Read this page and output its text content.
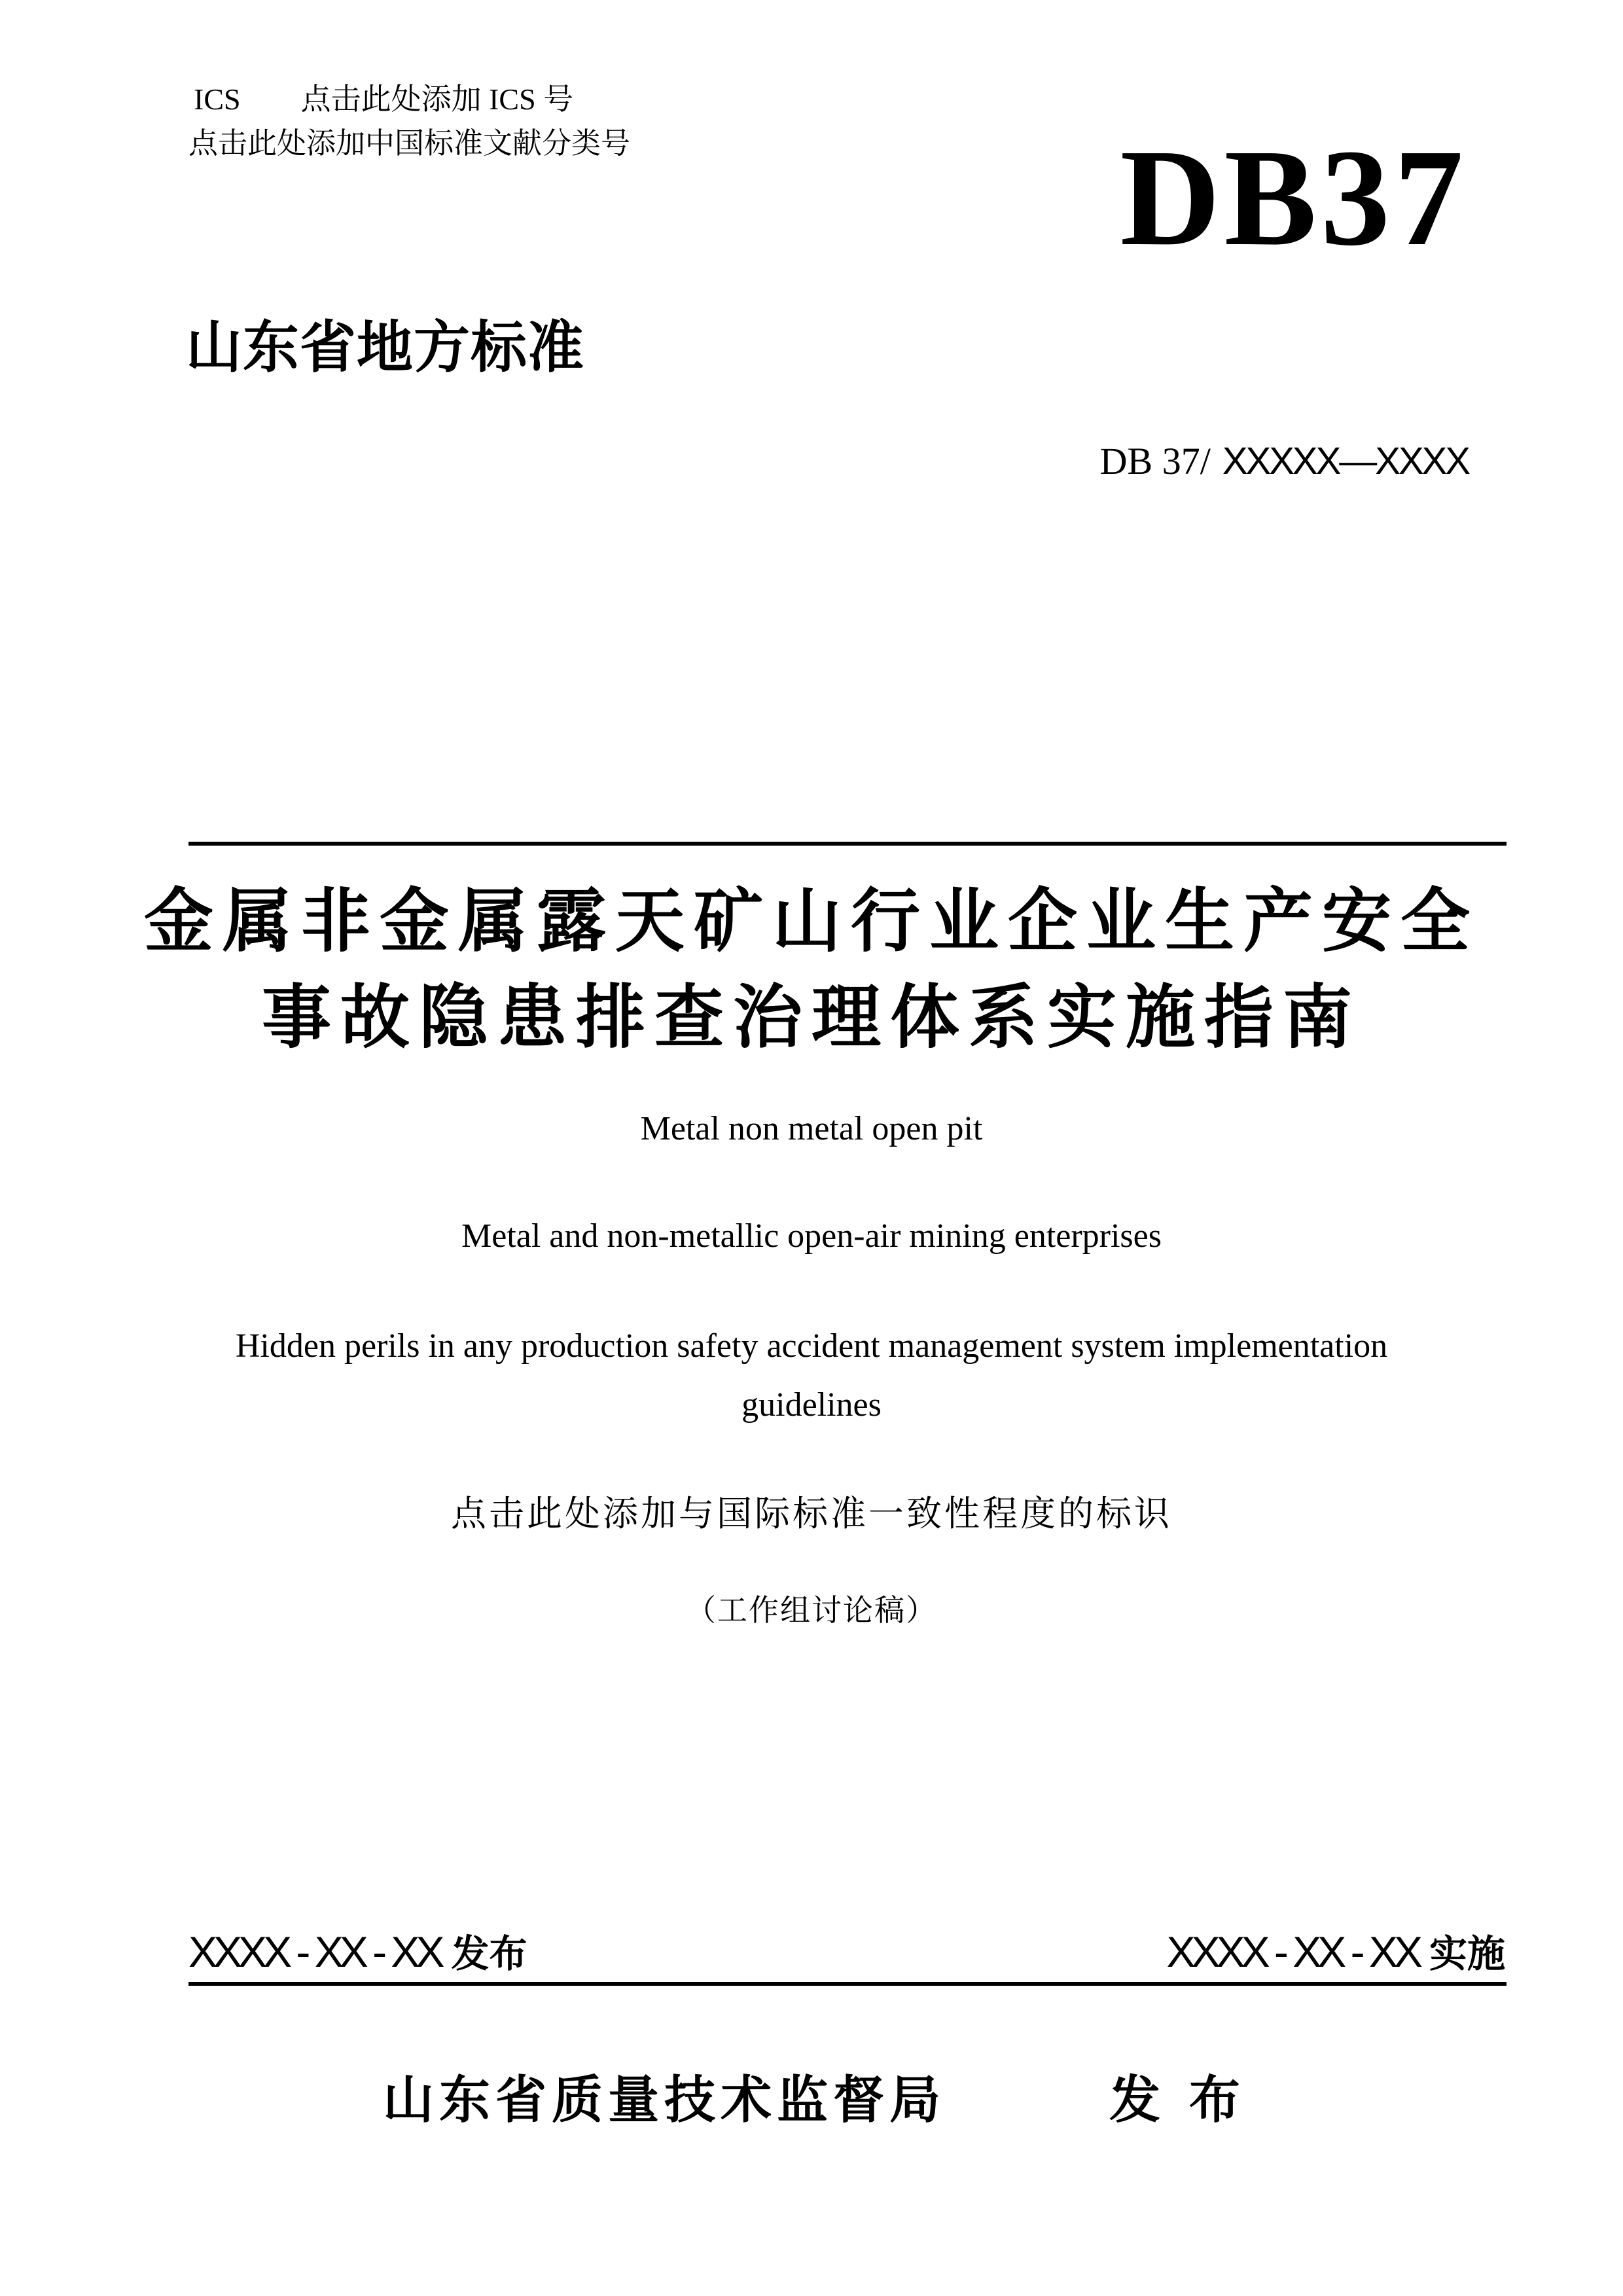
ICS 点击此处添加 ICS 号
点击此处添加中国标准文献分类号	DB37
山东省地方标准
DB 37/ XXXXX—XXXX
金属非金属露天矿山行业企业生产安全
事故隐患排查治理体系实施指南
Metal non metal open pit
Metal and non-metallic open-air mining enterprises
Hidden perils in any production safety accident management system implementation
guidelines
点击此处添加与国际标准一致性程度的标识
（工作组讨论稿）
XXXX - XX - XX 发布	XXXX - XX - XX 实施
山东省质量技术监督局	发 布
